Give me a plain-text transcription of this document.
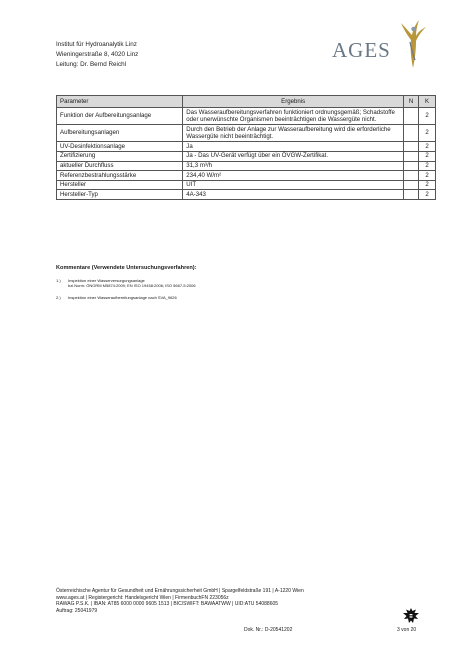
Institut für Hydroanalytik Linz
Wieningerstraße 8, 4020 Linz
Leitung: Dr. Bernd Reichl
AGES
Parameter	Ergebnis	N	K
Funktion der Aufbereitungsanlage	Das Wasseraufbereitungsverfahren funktioniert ordnungsgemäß; Schadstoffe oder unerwünschte Organismen beeinträchtigen die Wassergüte nicht.		2
Aufbereitungsanlagen	Durch den Betrieb der Anlage zur Wasseraufbereitung wird die erforderliche Wassergüte nicht beeinträchtigt.		2
UV-Desinfektionsanlage	Ja		2
Zertifizierung	Ja - Das UV-Gerät verfügt über ein ÖVGW-Zertifikat.		2
aktueller Durchfluss	31,3 m³/h		2
Referenzbestrahlungsstärke	234,40 W/m²		2
Hersteller	UIT		2
Hersteller-Typ	4A-343		2
Kommentare (Verwendete Untersuchungsverfahren):
1.)	Inspektion einer Wasserversorgungsanlage
bzl.Norm: ÖNORM M5874:2009; EN ISO 19458:2006; ISO 5667-5:2006
2.)	Inspektion einer Wasseraufbereitungsanlage nach SVA_9626
Österreichische Agentur für Gesundheit und Ernährungssicherheit GmbH | Spargelfeldstraße 191 | A-1220 Wien
www.ages.at | Registergericht: Handelsgericht Wien | FirmenbuchFN 223056z
RAWAG P.S.K. | IBAN: AT85 6000 0000 9605 1513 | BIC/SWIFT: BAWAATWW | UID:ATU 54088605
Auftrag: 25041979
Dok. Nr.: D-20541202	3 von 20
